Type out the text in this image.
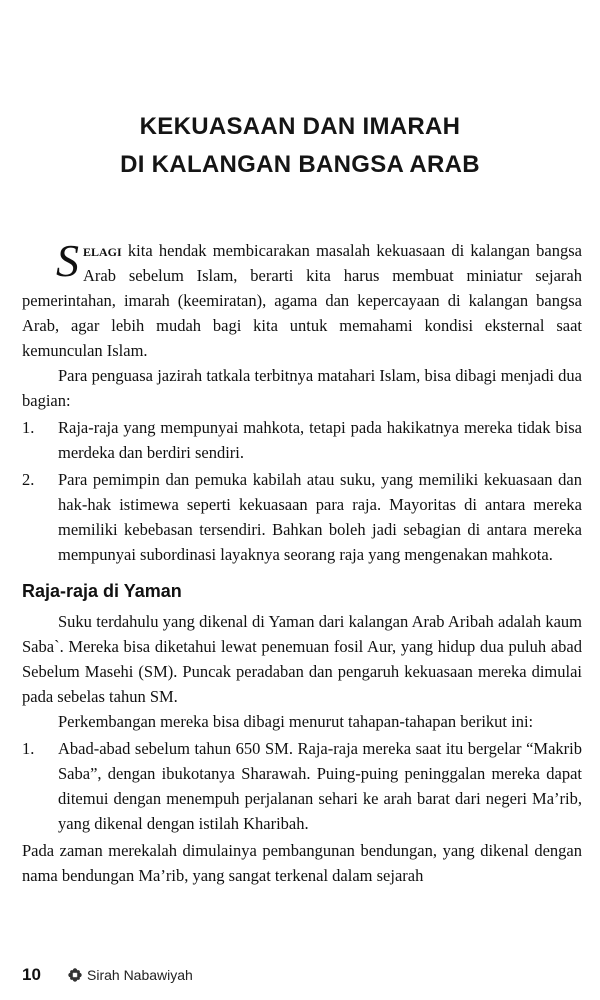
KEKUASAAN DAN IMARAH
DI KALANGAN BANGSA ARAB

Selagi kita hendak membicarakan masalah kekuasaan di kalangan bangsa Arab sebelum Islam, berarti kita harus membuat miniatur sejarah pemerintahan, imarah (keemiratan), agama dan kepercayaan di kalangan bangsa Arab, agar lebih mudah bagi kita untuk memahami kondisi eksternal saat kemunculan Islam.

Para penguasa jazirah tatkala terbitnya matahari Islam, bisa dibagi menjadi dua bagian:

1.	Raja-raja yang mempunyai mahkota, tetapi pada hakikatnya mereka tidak bisa merdeka dan berdiri sendiri.
2.	Para pemimpin dan pemuka kabilah atau suku, yang memiliki kekuasaan dan hak-hak istimewa seperti kekuasaan para raja. Mayoritas di antara mereka memiliki kebebasan tersendiri. Bahkan boleh jadi sebagian di antara mereka mempunyai subordinasi layaknya seorang raja yang mengenakan mahkota.
Raja-raja di Yaman

Suku terdahulu yang dikenal di Yaman dari kalangan Arab Aribah adalah kaum Saba`. Mereka bisa diketahui lewat penemuan fosil Aur, yang hidup dua puluh abad Sebelum Masehi (SM). Puncak peradaban dan pengaruh kekuasaan mereka dimulai pada sebelas tahun SM.

Perkembangan mereka bisa dibagi menurut tahapan-tahapan berikut ini:

1.	Abad-abad sebelum tahun 650 SM. Raja-raja mereka saat itu bergelar “Makrib Saba”, dengan ibukotanya Sharawah. Puing-puing peninggalan mereka dapat ditemui dengan menempuh perjalanan sehari ke arah barat dari negeri Ma’rib, yang dikenal dengan istilah Kharibah.

Pada zaman merekalah dimulainya pembangunan bendungan, yang dikenal dengan nama bendungan Ma’rib, yang sangat terkenal dalam sejarah

10	Sirah Nabawiyah
